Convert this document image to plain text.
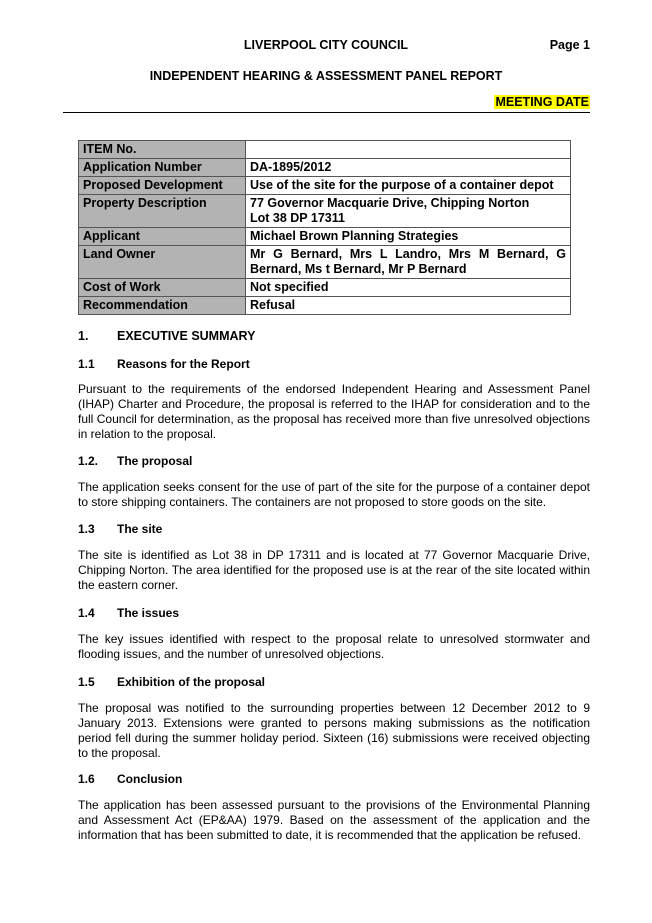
LIVERPOOL CITY COUNCIL	Page 1
INDEPENDENT HEARING & ASSESSMENT PANEL REPORT
MEETING DATE
ITEM No.	
Application Number	DA-1895/2012
Proposed Development	Use of the site for the purpose of a container depot
Property Description	77 Governor Macquarie Drive, Chipping Norton
Lot 38 DP 17311

Applicant	Michael Brown Planning Strategies
Land Owner	Mr G Bernard, Mrs L Landro, Mrs M Bernard, G Bernard, Ms t Bernard, Mr P Bernard
Cost of Work	Not specified
Recommendation	Refusal
1. EXECUTIVE SUMMARY
1.1 Reasons for the Report
Pursuant to the requirements of the endorsed Independent Hearing and Assessment Panel (IHAP) Charter and Procedure, the proposal is referred to the IHAP for consideration and to the full Council for determination, as the proposal has received more than five unresolved objections in relation to the proposal.
1.2. The proposal
The application seeks consent for the use of part of the site for the purpose of a container depot to store shipping containers. The containers are not proposed to store goods on the site.
1.3 The site
The site is identified as Lot 38 in DP 17311 and is located at 77 Governor Macquarie Drive, Chipping Norton. The area identified for the proposed use is at the rear of the site located within the eastern corner.
1.4 The issues
The key issues identified with respect to the proposal relate to unresolved stormwater and flooding issues, and the number of unresolved objections.
1.5 Exhibition of the proposal
The proposal was notified to the surrounding properties between 12 December 2012 to 9 January 2013. Extensions were granted to persons making submissions as the notification period fell during the summer holiday period. Sixteen (16) submissions were received objecting to the proposal.
1.6 Conclusion
The application has been assessed pursuant to the provisions of the Environmental Planning and Assessment Act (EP&AA) 1979. Based on the assessment of the application and the information that has been submitted to date, it is recommended that the application be refused.
